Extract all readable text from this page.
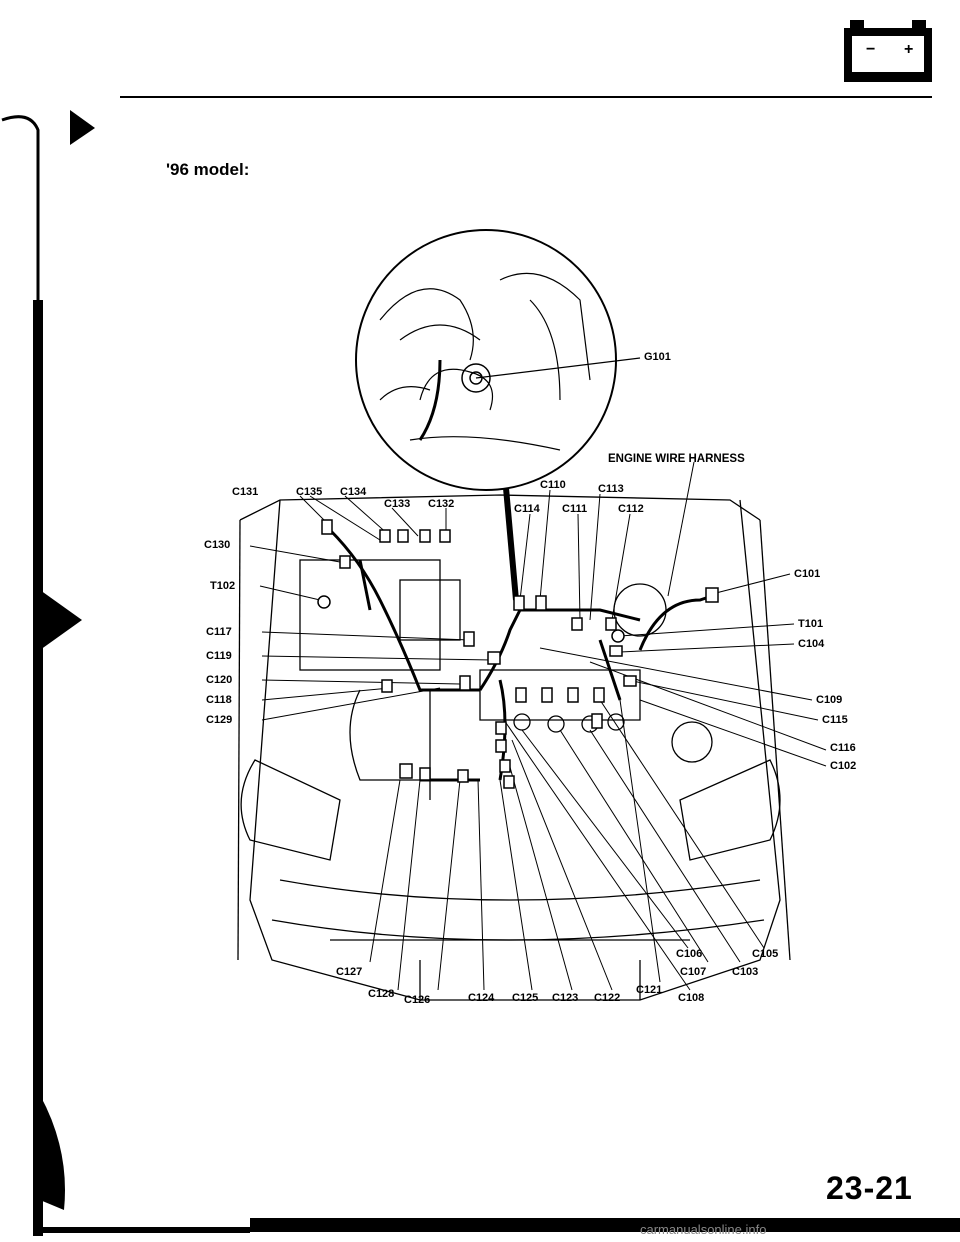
− +
G101
C131	C135 C134
C133 C132
C130
T102
C117
C119
C120
C118
C129
ENGINE WIRE HARNESS
C110	C113
C114 C111	C112
C101
T101
C104
C109
C115
C116
C102
C106	C105
C107 C103
C127
C128 C126	C124 C125 C123 C122
C121
C108
'96 model:
23-21
carmanualsonline.info
